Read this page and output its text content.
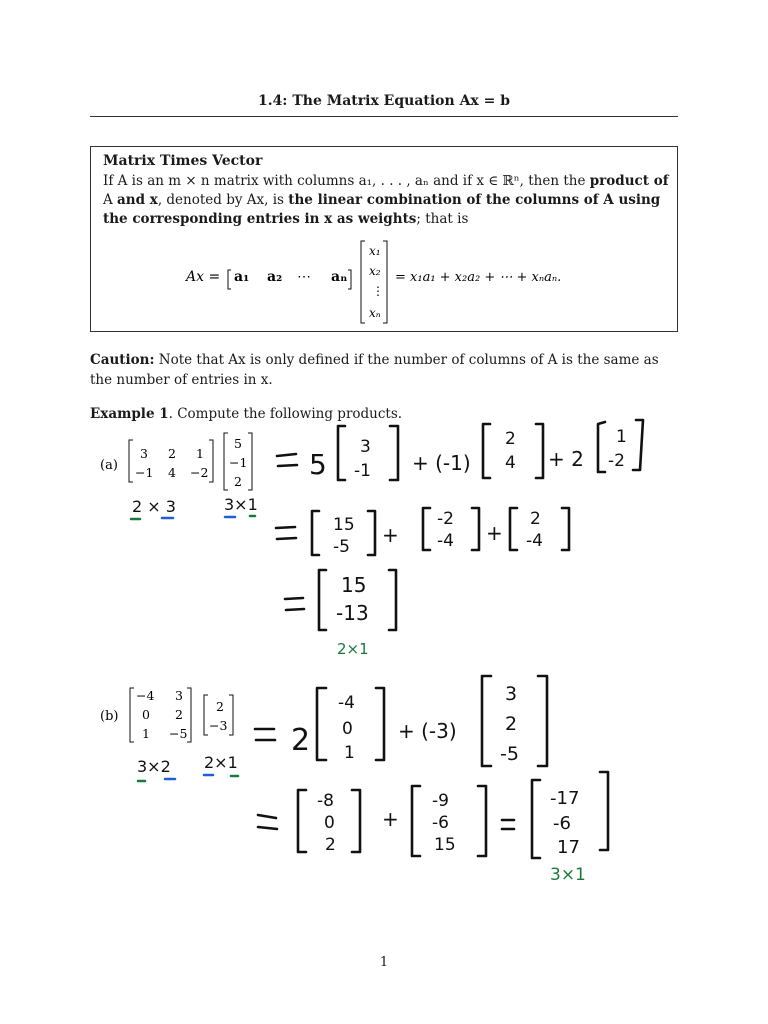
1.4: The Matrix Equation Ax = b
Matrix Times Vector
If A is an m × n matrix with columns a₁, . . . , aₙ and if x ∈ ℝⁿ, then the product of A and x, denoted by Ax, is the linear combination of the columns of A using the corresponding entries in x as weights; that is
Ax = a₁ a₂ ⋯ aₙ
x₁
x₂
⋮
xₙ
= x₁a₁ + x₂a₂ + ⋯ + xₙaₙ.
Caution: Note that Ax is only defined if the number of columns of A is the same as the number of entries in x.
Example 1. Compute the following products.
(a)
3 2 1
−1 4 −2
5
−1
2
2 × 3	3×1
5
3
-1 + (-1)
2
4 + 2
1
-2
15
-5 +
-2
-4 +
2
-4
15
-13
2×1
(b)
−4 3
0 2
1 −5
2
−3
3×2 2×1
2
-4
0
1
+ (-3)
3
2
-5
-8
0
2
+
-9
-6
15
-17
-6
17
3×1
1
